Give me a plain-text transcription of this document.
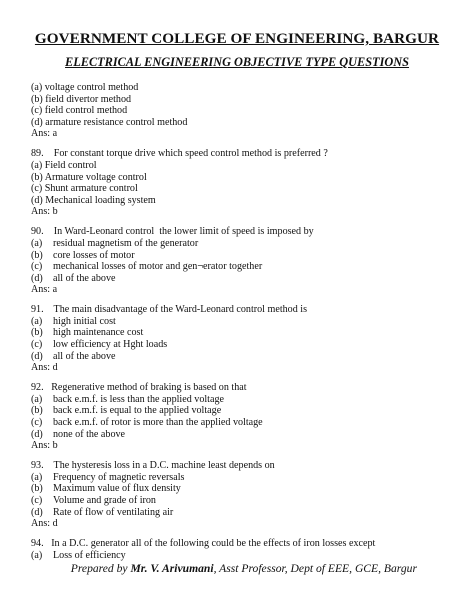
GOVERNMENT COLLEGE OF ENGINEERING, BARGUR
ELECTRICAL ENGINEERING OBJECTIVE TYPE QUESTIONS
(a) voltage control method
(b) field divertor method
(c) field control method
(d) armature resistance control method
Ans: a
89.    For constant torque drive which speed control method is preferred ?
(a) Field control
(b) Armature voltage control
(c) Shunt armature control
(d) Mechanical loading system
Ans: b
90.    In Ward-Leonard control  the lower limit of speed is imposed by
(a) residual magnetism of the generator
(b) core losses of motor
(c) mechanical losses of motor and gen¬erator together
(d) all of the above
Ans: a
91.    The main disadvantage of the Ward-Leonard control method is
(a) high initial cost
(b) high maintenance cost
(c) low efficiency at Hght loads
(d) all of the above
Ans: d
92.   Regenerative method of braking is based on that
(a) back e.m.f. is less than the applied voltage
(b) back e.m.f. is equal to the applied voltage
(c) back e.m.f. of rotor is more than the applied voltage
(d) none of the above
Ans: b
93.    The hysteresis loss in a D.C. machine least depends on
(a) Frequency of magnetic reversals
(b) Maximum value of flux density
(c) Volume and grade of iron
(d) Rate of flow of ventilating air
Ans: d
94.   In a D.C. generator all of the following could be the effects of iron losses except
(a) Loss of efficiency
Prepared by Mr. V. Arivumani, Asst Professor, Dept of EEE, GCE, Bargur
